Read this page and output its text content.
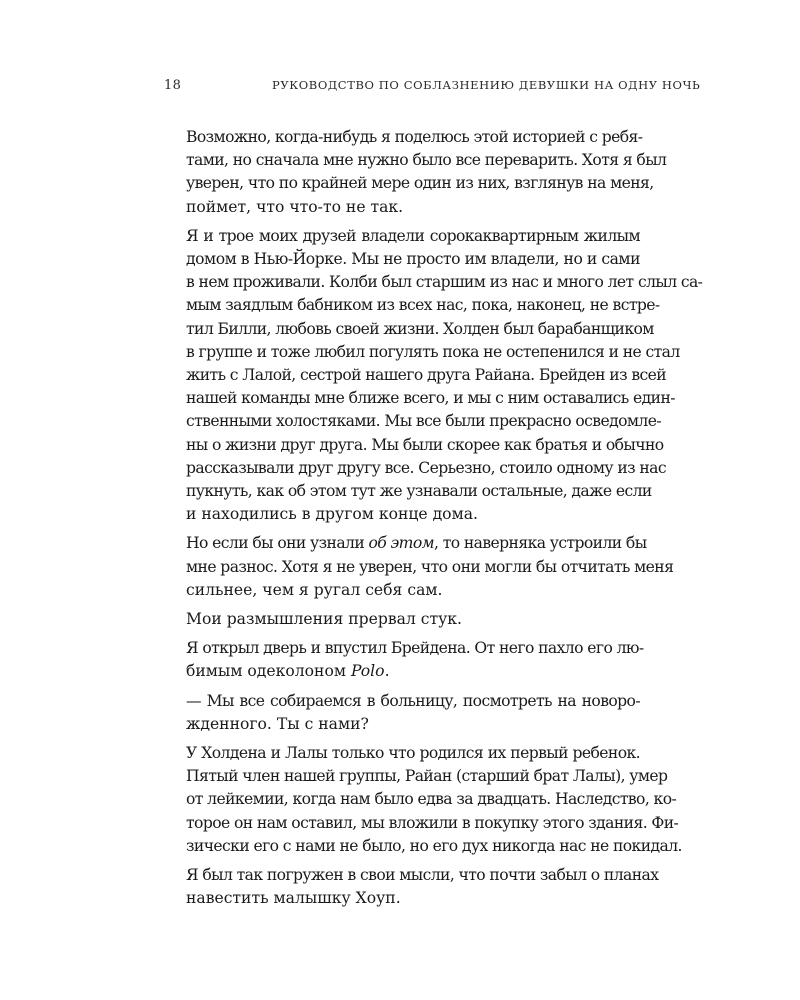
18	РУКОВОДСТВО ПО СОБЛАЗНЕНИЮ ДЕВУШКИ НА ОДНУ НОЧЬ

Возможно, когда-нибудь я поделюсь этой историей с ребя-
тами, но сначала мне нужно было все переварить. Хотя я был
уверен, что по крайней мере один из них, взглянув на меня,
поймет, что что-то не так.

Я и трое моих друзей владели сорокаквартирным жилым
домом в Нью-Йорке. Мы не просто им владели, но и сами
в нем проживали. Колби был старшим из нас и много лет слыл са-
мым заядлым бабником из всех нас, пока, наконец, не встре-
тил Билли, любовь своей жизни. Холден был барабанщиком
в группе и тоже любил погулять пока не остепенился и не стал
жить с Лалой, сестрой нашего друга Райана. Брейден из всей
нашей команды мне ближе всего, и мы с ним оставались един-
ственными холостяками. Мы все были прекрасно осведомле-
ны о жизни друг друга. Мы были скорее как братья и обычно
рассказывали друг другу все. Серьезно, стоило одному из нас
пукнуть, как об этом тут же узнавали остальные, даже если
и находились в другом конце дома.

Но если бы они узнали об этом, то наверняка устроили бы
мне разнос. Хотя я не уверен, что они могли бы отчитать меня
сильнее, чем я ругал себя сам.

Мои размышления прервал стук.

Я открыл дверь и впустил Брейдена. От него пахло его лю-
бимым одеколоном Polo.

— Мы все собираемся в больницу, посмотреть на новоро-
жденного. Ты с нами?

У Холдена и Лалы только что родился их первый ребенок.
Пятый член нашей группы, Райан (старший брат Лалы), умер
от лейкемии, когда нам было едва за двадцать. Наследство, ко-
торое он нам оставил, мы вложили в покупку этого здания. Фи-
зически его с нами не было, но его дух никогда нас не покидал.

Я был так погружен в свои мысли, что почти забыл о планах
навестить малышку Хоуп.
